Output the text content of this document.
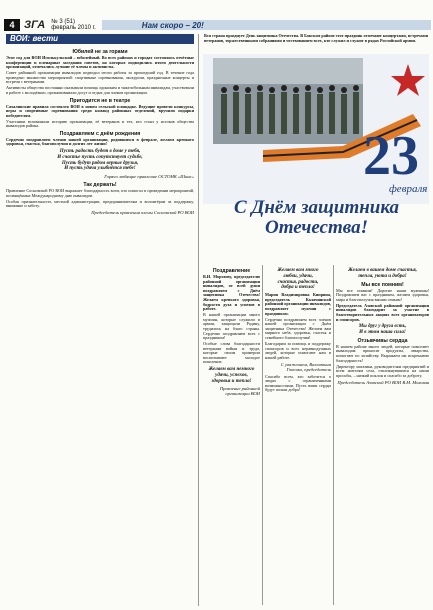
4 ЗГА № 3 (51)
февраль 2010 г.	Нам скоро – 20!
ВОИ: вести
Юбилей не за горами

Этот год для ВОИ Исилькульский – юбилейный. Во всех районах и городах состоялись отчётные конференции и пленарные заседания советов, на которых подводились итоги деятельности организаций, отмечались лучшие её члены и активисты.

Совет районной организации инвалидов подводил итоги работы за прошедший год. В течение года проведено множество мероприятий: спортивные соревнования, экскурсии, праздничные концерты и встречи с ветеранами.

Активисты общества постоянно оказывали помощь одиноким и тяжелобольным инвалидам, участвовали в работе с молодёжью, организовывали досуг и отдых для членов организации.

Пригодится не в театре

Сахалинские правила состоялся ВОИ в новом сельской площадке. Ведущие провели конкурсы, игры и спортивные соревнования среди команд районных отделений, вручили подарки победителям.

Участники вспоминали историю организации, её ветеранов и тех, кто стоял у истоков общества инвалидов района.

Поздравляем с днём рождения

Сердечно поздравляем членов нашей организации, родившихся в феврале, желаем крепкого здоровья, счастья, благополучия и долгих лет жизни!

Пусть радость будет в доме у тебя,
И счастье пусть сопутствует судьбе,
Пусть будут рядом верные друзья,
И пусть удача улыбнётся тебе!
Горячо любящие правление ОСТОНК «Шанс»
Так держать!

Правление Сосновской РО ВОИ выражает благодарность всем, кто помогал в проведении мероприятий, посвящённых Международному дню инвалидов.

Особая признательность местной администрации, предпринимателям и волонтёрам за поддержку, внимание и заботу.

Председатель правления члены Сосновской РО ВОИ

Вся страна празднует День защитника Отечества. В Бокском районе этот праздник отмечают концертами, встречами ветеранов, торжественными собраниями и чествованием всех, кто служил и служит в рядах Российской армии.

23
февраля
С Днём защитника
Отечества!
Поздравление

В.И. Морозову, председателю районной организации инвалидов, от всей души поздравляем с Днём защитника Отечества! Желаем крепкого здоровья, бодрости духа и успехов в работе.

В нашей организации много мужчин, которые служили в армии, защищали Родину, трудились на благо страны. Сердечно поздравляем всех с праздником!

Особые слова благодарности ветеранам войны и труда, которые своим примером воспитывают молодое поколение.

Желаем вам немного
удачи, успехов,
здоровья и тепла!
Правление районной организации ВОИ
Желаем вам много
любви, удачи,
счастья, радости,
добра и тепла!

Мария Владимировна Киприна, председатель Калачинской районной организации инвалидов, поздравляет мужчин с праздником.

Сердечно поздравляем всех членов нашей организации с Днём защитника Отечества! Желаем вам мирного неба, здоровья, счастья и семейного благополучия!

Благодарим за помощь и поддержку спонсоров и всех неравнодушных людей, которые помогают нам в нашей работе.

С уважением, Валентина Гопенко, председатель

Спасибо всем, кто заботится о людях с ограниченными возможностями. Пусть ваши сердца будут полны добра!

Желаем в вашем доме счастья,
тепла, уюта и добра!
Мы все помним!

Мы все помним! Дорогие наши мужчины! Поздравляем вас с праздником, желаем здоровья, мира и благополучия вашим семьям!

Председатель Азовской районной организации инвалидов благодарит за участие в благотворительных акциях всех организаторов и спонсоров.

Мы друг у друга есть,
И в этом наша сила!
Отзывчивы сердца

В нашем районе много людей, которые помогают инвалидам: приносят продукты, лекарства, помогают по хозяйству. Выражаем им искреннюю благодарность!

Директору магазина, руководителям предприятий и всем жителям села, откликнувшимся на наши просьбы, – низкий поклон и спасибо за доброту.

Председатель Азовской РО ВОИ В.М. Моховая
